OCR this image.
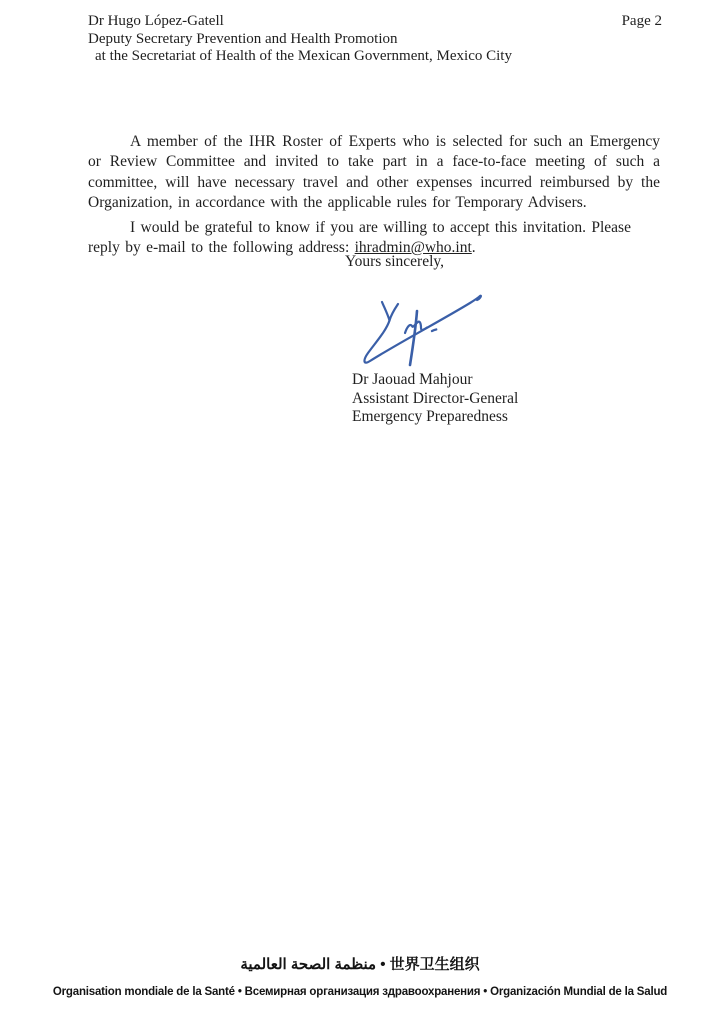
Dr Hugo López-Gatell	Page 2
Deputy Secretary Prevention and Health Promotion
at the Secretariat of Health of the Mexican Government, Mexico City

A member of the IHR Roster of Experts who is selected for such an Emergency or Review Committee and invited to take part in a face-to-face meeting of such a committee, will have necessary travel and other expenses incurred reimbursed by the Organization, in accordance with the applicable rules for Temporary Advisers.

I would be grateful to know if you are willing to accept this invitation. Please reply by e-mail to the following address: ihradmin@who.int.

Yours sincerely,
Dr Jaouad Mahjour
Assistant Director-General
Emergency Preparedness
منظمة الصحة العالمية • 世界卫生组织
Organisation mondiale de la Santé • Всемирная организация здравоохранения • Organización Mundial de la Salud
